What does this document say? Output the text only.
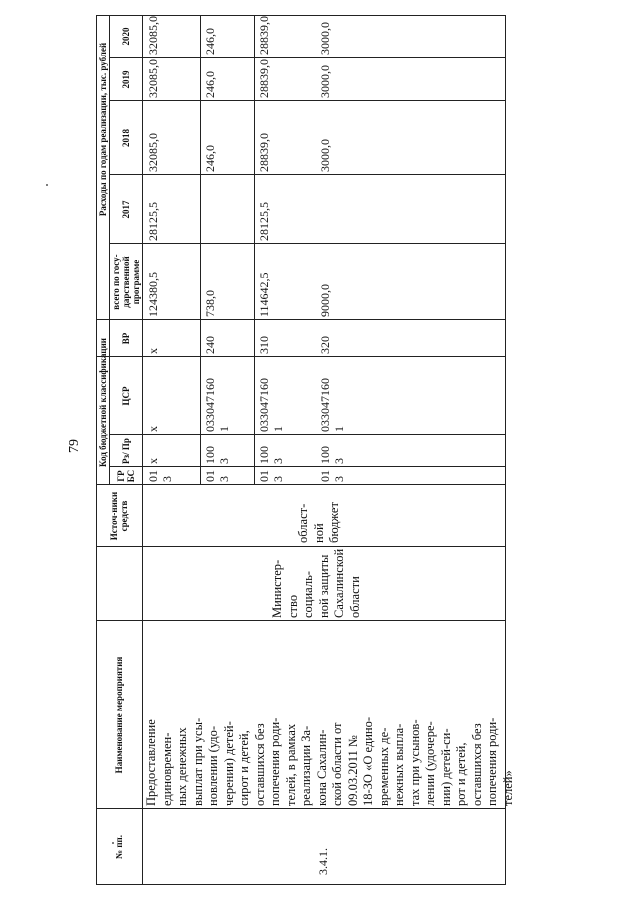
79
№ пп.
Наименование мероприятия
Источ-ники средств
Код бюджетной классификации
ГР БС
Рз/ Пр
ЦСР
ВР
всего по госу-дарственной программе
Расходы по годам реализации, тыс. рублей	2017
2018
2019
2020
3.4.1.
Предоставление
единовремен-
ных денежных
выплат при усы-
новлении (удо-
черении) детей-
сирот и детей,
оставшихся без
попечения роди-
телей, в рамках
реализации За-
кона Сахалин-
ской области от
09.03.2011 №
18-ЗО «О едино-
временных де-
нежных выпла-
тах при усынов-
лении (удочере-
нии) детей-си-
рот и детей,
оставшихся без
попечения роди-
телей»
Министер-
ство социаль-
ной защиты
Сахалинской
области
област-
ной
бюджет
01
3
x
x
x
124380,5
28125,5
32085,0
32085,0
32085,0
01
3
100
3
033047160
1
240
738,0
246,0
246,0
246,0
01
3
100
3
033047160
1
310
114642,5
28125,5
28839,0
28839,0
28839,0
01
3
100
3
033047160
1
320
9000,0
3000,0
3000,0
3000,0
